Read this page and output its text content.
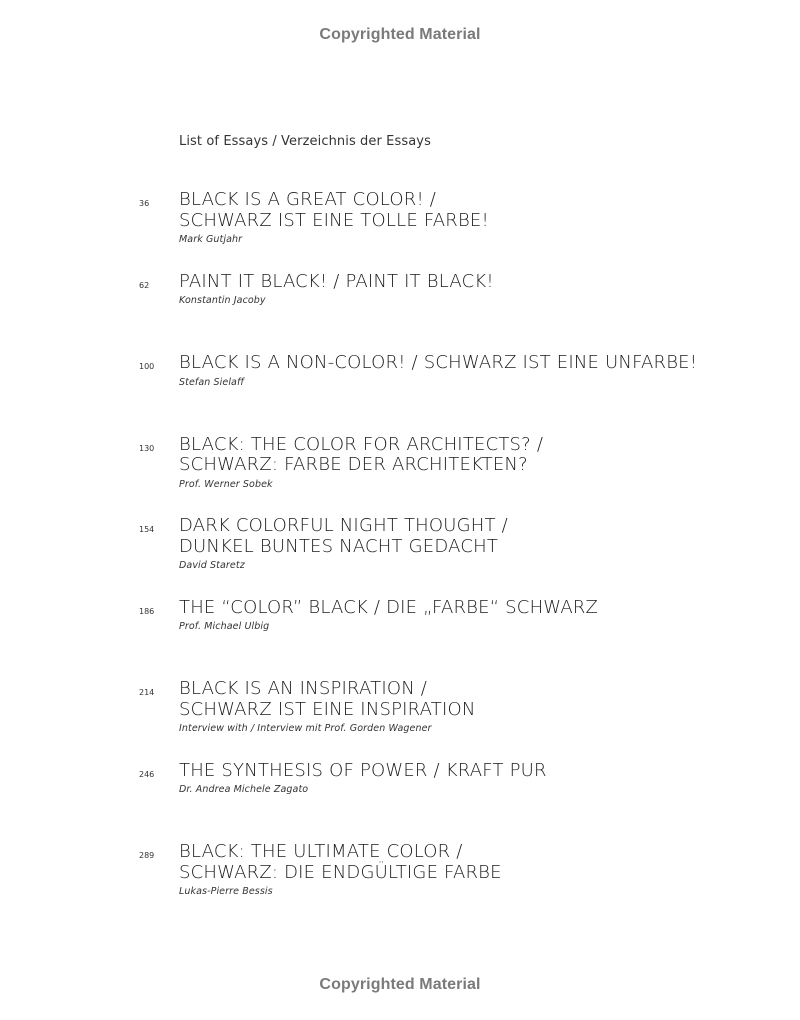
Copyrighted Material
List of Essays / Verzeichnis der Essays
36 BLACK IS A GREAT COLOR! /
SCHWARZ IST EINE TOLLE FARBE!
Mark Gutjahr
62 PAINT IT BLACK! / PAINT IT BLACK!
Konstantin Jacoby
100 BLACK IS A NON-COLOR! / SCHWARZ IST EINE UNFARBE!
Stefan Sielaff
130 BLACK: THE COLOR FOR ARCHITECTS? /
SCHWARZ: FARBE DER ARCHITEKTEN?
Prof. Werner Sobek
154 DARK COLORFUL NIGHT THOUGHT /
DUNKEL BUNTES NACHT GEDACHT
David Staretz
186 THE “COLOR” BLACK / DIE „FARBE“ SCHWARZ
Prof. Michael Ulbig
214 BLACK IS AN INSPIRATION /
SCHWARZ IST EINE INSPIRATION
Interview with / Interview mit Prof. Gorden Wagener
246 THE SYNTHESIS OF POWER / KRAFT PUR
Dr. Andrea Michele Zagato
289 BLACK: THE ULTIMATE COLOR /
SCHWARZ: DIE ENDGÜLTIGE FARBE
Lukas-Pierre Bessis
Copyrighted Material
